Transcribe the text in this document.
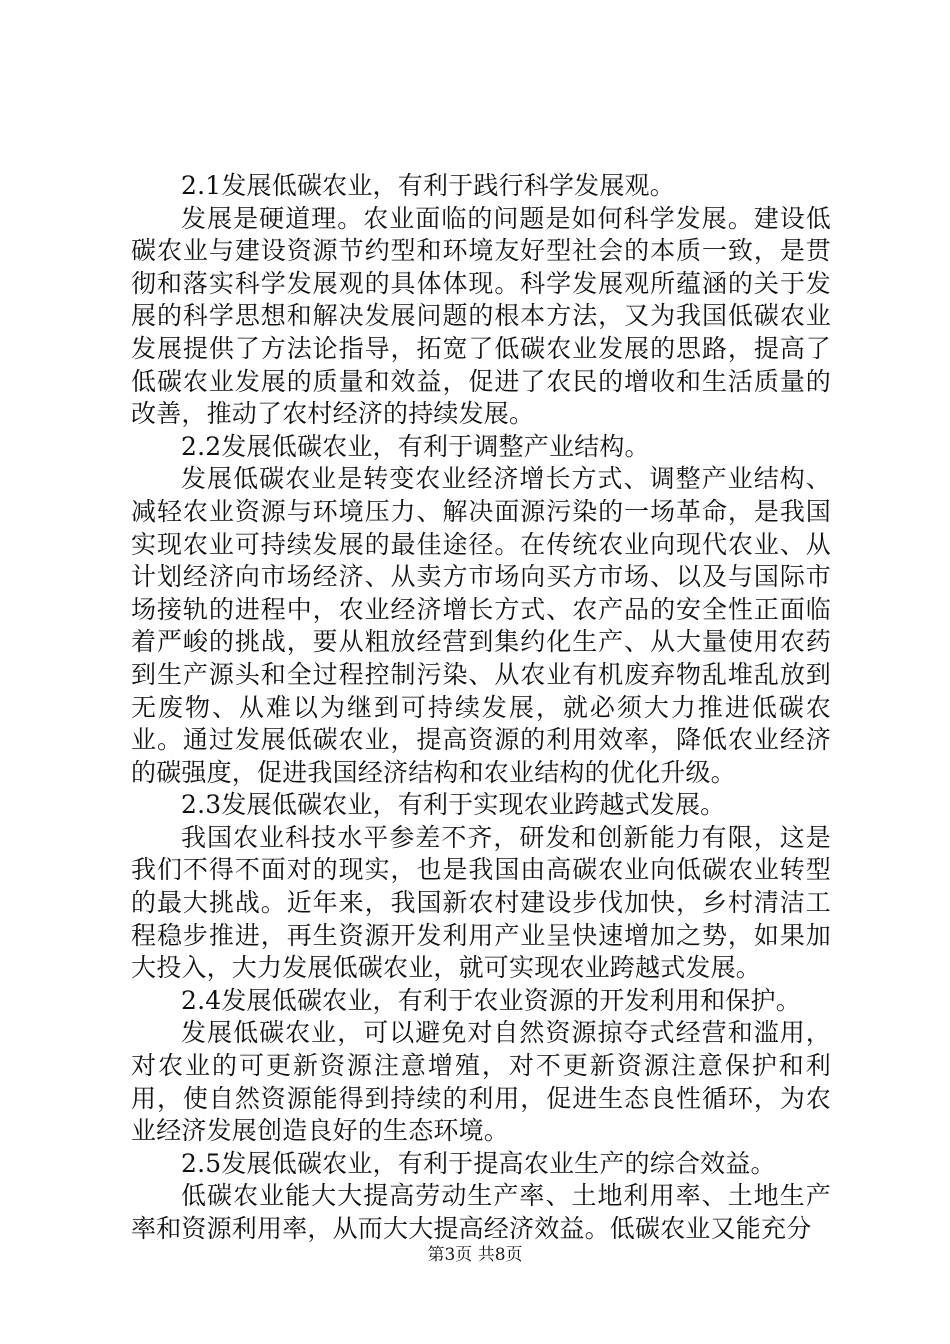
2.1发展低碳农业，有利于践行科学发展观。

发展是硬道理。农业面临的问题是如何科学发展。建设低碳农业与建设资源节约型和环境友好型社会的本质一致，是贯彻和落实科学发展观的具体体现。科学发展观所蕴涵的关于发展的科学思想和解决发展问题的根本方法，又为我国低碳农业发展提供了方法论指导，拓宽了低碳农业发展的思路，提高了低碳农业发展的质量和效益，促进了农民的增收和生活质量的改善，推动了农村经济的持续发展。

2.2发展低碳农业，有利于调整产业结构。

发展低碳农业是转变农业经济增长方式、调整产业结构、减轻农业资源与环境压力、解决面源污染的一场革命，是我国实现农业可持续发展的最佳途径。在传统农业向现代农业、从计划经济向市场经济、从卖方市场向买方市场、以及与国际市场接轨的进程中，农业经济增长方式、农产品的安全性正面临着严峻的挑战，要从粗放经营到集约化生产、从大量使用农药到生产源头和全过程控制污染、从农业有机废弃物乱堆乱放到无废物、从难以为继到可持续发展，就必须大力推进低碳农业。通过发展低碳农业，提高资源的利用效率，降低农业经济的碳强度，促进我国经济结构和农业结构的优化升级。

2.3发展低碳农业，有利于实现农业跨越式发展。

我国农业科技水平参差不齐，研发和创新能力有限，这是我们不得不面对的现实，也是我国由高碳农业向低碳农业转型的最大挑战。近年来，我国新农村建设步伐加快，乡村清洁工程稳步推进，再生资源开发利用产业呈快速增加之势，如果加大投入，大力发展低碳农业，就可实现农业跨越式发展。

2.4发展低碳农业，有利于农业资源的开发利用和保护。

发展低碳农业，可以避免对自然资源掠夺式经营和滥用，对农业的可更新资源注意增殖，对不更新资源注意保护和利用，使自然资源能得到持续的利用，促进生态良性循环，为农业经济发展创造良好的生态环境。

2.5发展低碳农业，有利于提高农业生产的综合效益。

低碳农业能大大提高劳动生产率、土地利用率、土地生产率和资源利用率，从而大大提高经济效益。低碳农业又能充分

第3页 共8页
